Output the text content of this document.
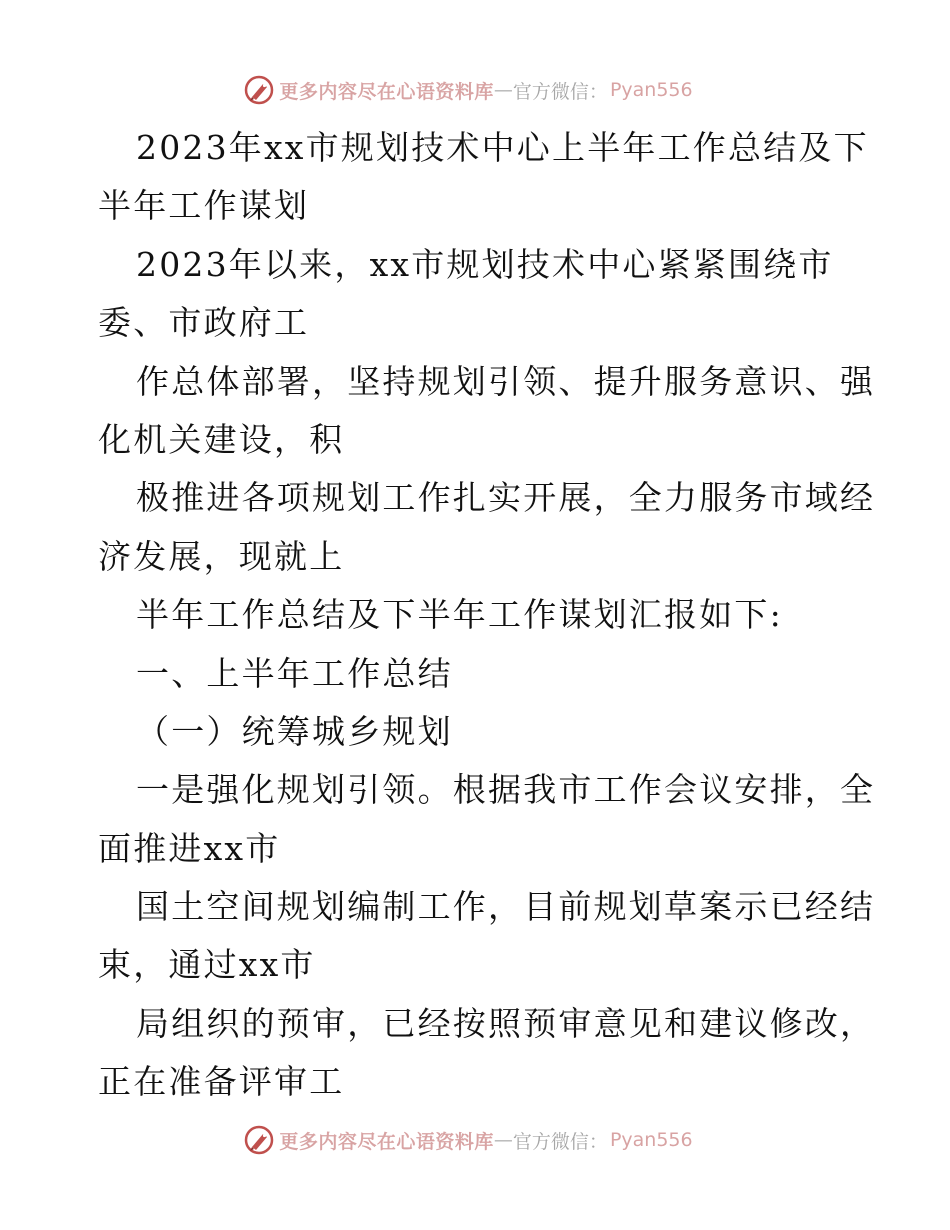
更多内容尽在心语资料库 — 官方微信： Pyan556
2023年xx市规划技术中心上半年工作总结及下
半年工作谋划
2023年以来，xx市规划技术中心紧紧围绕市
委、市政府工
作总体部署，坚持规划引领、提升服务意识、强
化机关建设，积
极推进各项规划工作扎实开展，全力服务市域经
济发展，现就上
半年工作总结及下半年工作谋划汇报如下:
一、上半年工作总结
（一）统筹城乡规划
一是强化规划引领。根据我市工作会议安排，全
面推进xx市
国土空间规划编制工作，目前规划草案示已经结
束，通过xx市
局组织的预审，已经按照预审意见和建议修改，
正在准备评审工
更多内容尽在心语资料库 — 官方微信： Pyan556
